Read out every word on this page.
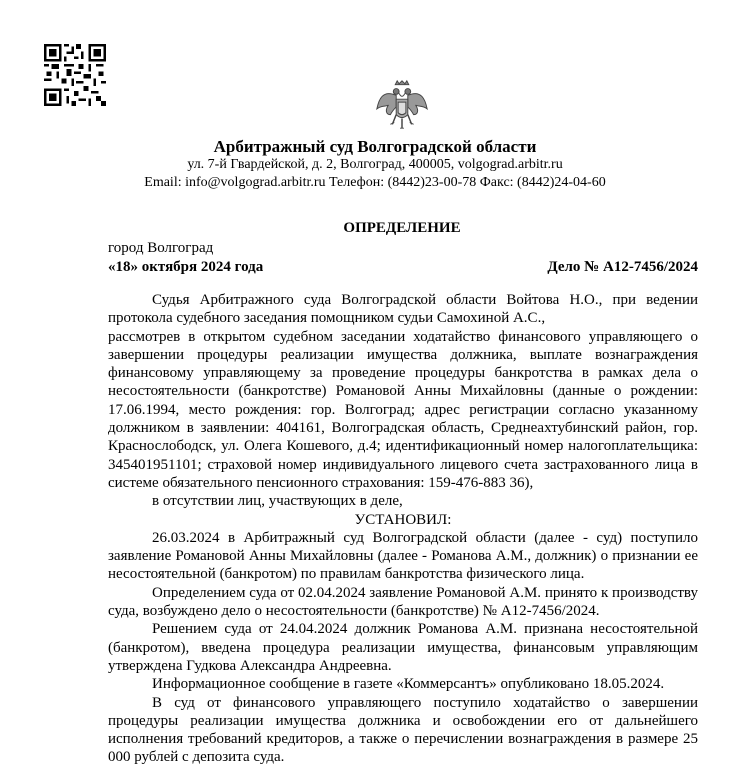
Арбитражный суд Волгоградской области
ул. 7-й Гвардейской, д. 2, Волгоград, 400005, volgograd.arbitr.ru
Email: info@volgograd.arbitr.ru Телефон: (8442)23-00-78 Факс: (8442)24-04-60
ОПРЕДЕЛЕНИЕ
город Волгоград
«18» октября 2024 года	Дело № А12-7456/2024

Судья Арбитражного суда Волгоградской области Войтова Н.О., при ведении протокола судебного заседания помощником судьи Самохиной А.С.,

рассмотрев в открытом судебном заседании ходатайство финансового управляющего о завершении процедуры реализации имущества должника, выплате вознаграждения финансовому управляющему за проведение процедуры банкротства в рамках дела о несостоятельности (банкротстве) Романовой Анны Михайловны (данные о рождении: 17.06.1994, место рождения: гор. Волгоград; адрес регистрации согласно указанному должником в заявлении: 404161, Волгоградская область, Среднеахтубинский район, гор. Краснослободск, ул. Олега Кошевого, д.4; идентификационный номер налогоплательщика: 345401951101; страховой номер индивидуального лицевого счета застрахованного лица в системе обязательного пенсионного страхования: 159-476-883 36),

в отсутствии лиц, участвующих в деле,

УСТАНОВИЛ:

26.03.2024 в Арбитражный суд Волгоградской области (далее - суд) поступило заявление Романовой Анны Михайловны (далее - Романова А.М., должник) о признании ее несостоятельной (банкротом) по правилам банкротства физического лица.

Определением суда от 02.04.2024 заявление Романовой А.М. принято к производству суда, возбуждено дело о несостоятельности (банкротстве) № А12-7456/2024.

Решением суда от 24.04.2024 должник Романова А.М. признана несостоятельной (банкротом), введена процедура реализации имущества, финансовым управляющим утверждена Гудкова Александра Андреевна.

Информационное сообщение в газете «Коммерсантъ» опубликовано 18.05.2024.

В суд от финансового управляющего поступило ходатайство о завершении процедуры реализации имущества должника и освобождении его от дальнейшего исполнения требований кредиторов, а также о перечислении вознаграждения в размере 25 000 рублей с депозита суда.
